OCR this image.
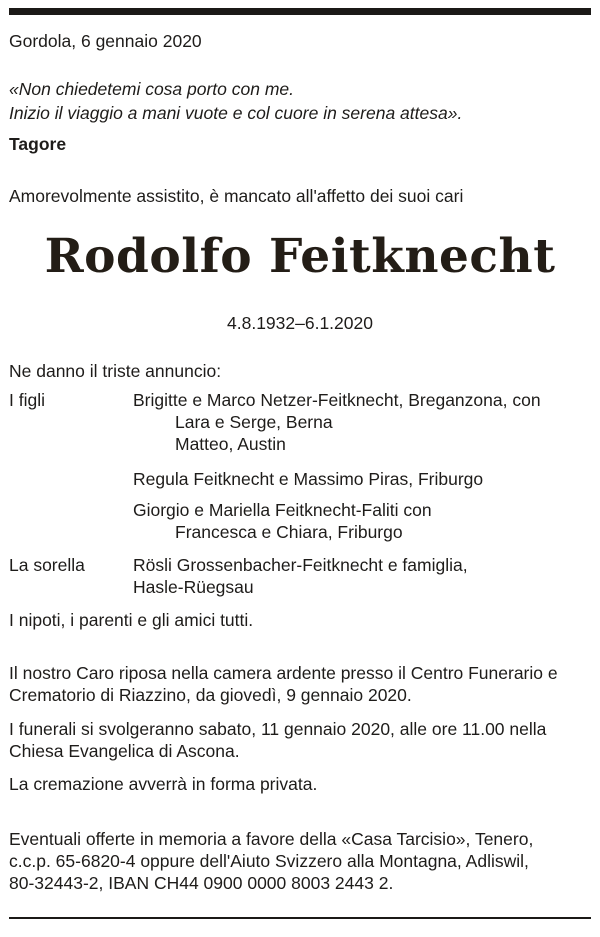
Gordola, 6 gennaio 2020
«Non chiedetemi cosa porto con me.
Inizio il viaggio a mani vuote e col cuore in serena attesa».
Tagore
Amorevolmente assistito, è mancato all'affetto dei suoi cari
Rodolfo Feitknecht
4.8.1932–6.1.2020
Ne danno il triste annuncio:
I figli	Brigitte e Marco Netzer-Feitknecht, Breganzona, con
Lara e Serge, Berna
Matteo, Austin
Regula Feitknecht e Massimo Piras, Friburgo
Giorgio e Mariella Feitknecht-Faliti con
Francesca e Chiara, Friburgo
La sorella	Rösli Grossenbacher-Feitknecht e famiglia,
Hasle-Rüegsau
I nipoti, i parenti e gli amici tutti.
Il nostro Caro riposa nella camera ardente presso il Centro Funerario e
Crematorio di Riazzino, da giovedì, 9 gennaio 2020.
I funerali si svolgeranno sabato, 11 gennaio 2020, alle ore 11.00 nella
Chiesa Evangelica di Ascona.
La cremazione avverrà in forma privata.
Eventuali offerte in memoria a favore della «Casa Tarcisio», Tenero,
c.c.p. 65-6820-4 oppure dell'Aiuto Svizzero alla Montagna, Adliswil,
80-32443-2, IBAN CH44 0900 0000 8003 2443 2.
